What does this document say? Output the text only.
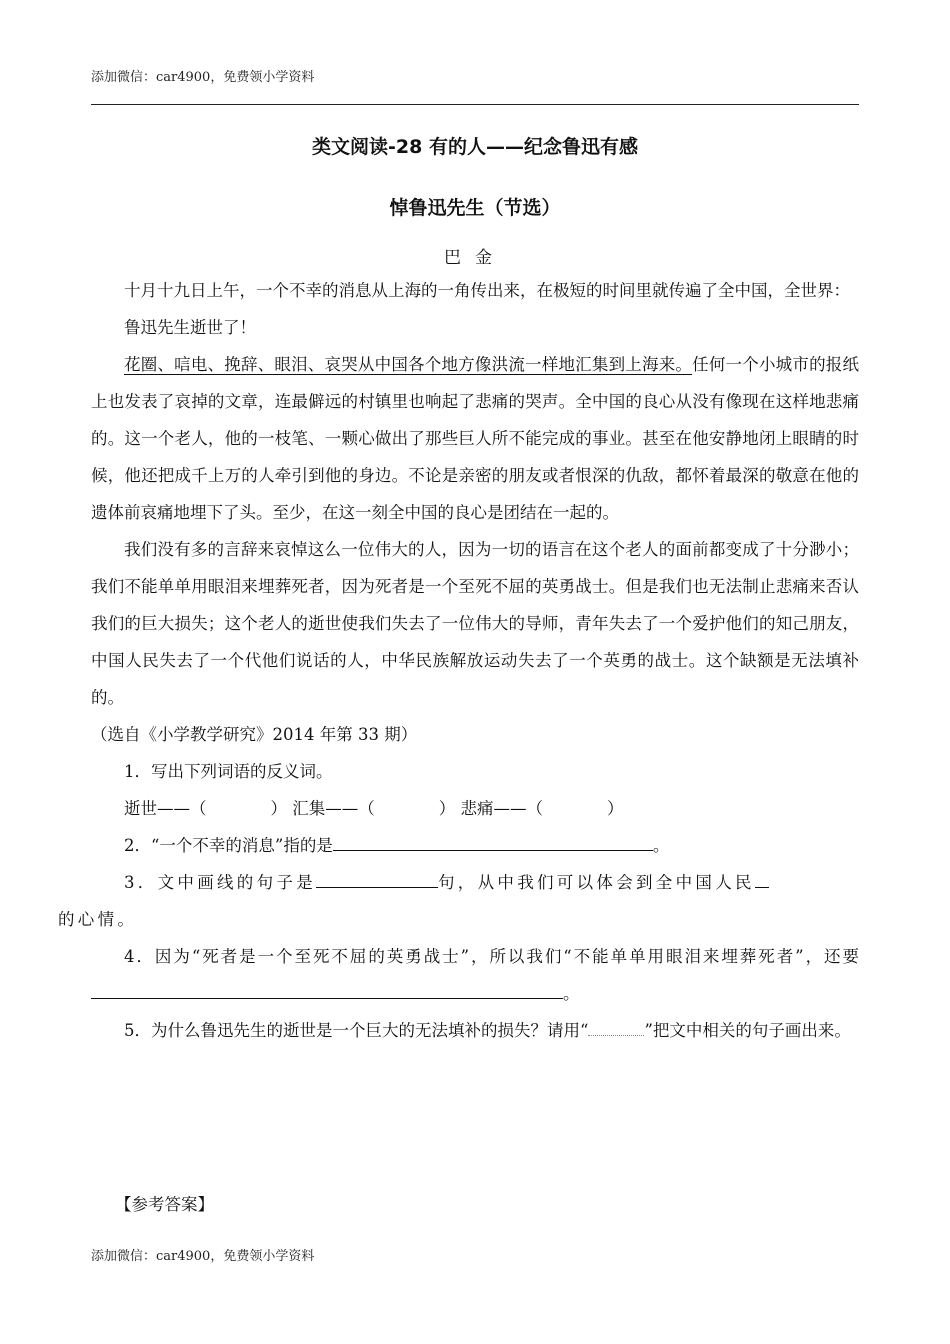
添加微信：car4900，免费领小学资料
类文阅读-28 有的人——纪念鲁迅有感
悼鲁迅先生（节选）
巴金

十月十九日上午，一个不幸的消息从上海的一角传出来，在极短的时间里就传遍了全中国，全世界：

鲁迅先生逝世了！

花圈、唁电、挽辞、眼泪、哀哭从中国各个地方像洪流一样地汇集到上海来。任何一个小城市的报纸上也发表了哀掉的文章，连最僻远的村镇里也响起了悲痛的哭声。全中国的良心从没有像现在这样地悲痛的。这一个老人，他的一枝笔、一颗心做出了那些巨人所不能完成的事业。甚至在他安静地闭上眼睛的时候，他还把成千上万的人牵引到他的身边。不论是亲密的朋友或者恨深的仇敌，都怀着最深的敬意在他的遗体前哀痛地埋下了头。至少，在这一刻全中国的良心是团结在一起的。

我们没有多的言辞来哀悼这么一位伟大的人，因为一切的语言在这个老人的面前都变成了十分渺小；我们不能单单用眼泪来埋葬死者，因为死者是一个至死不屈的英勇战士。但是我们也无法制止悲痛来否认我们的巨大损失；这个老人的逝世使我们失去了一位伟大的导师，青年失去了一个爱护他们的知己朋友，中国人民失去了一个代他们说话的人，中华民族解放运动失去了一个英勇的战士。这个缺额是无法填补的。

（选自《小学教学研究》2014 年第 33 期）

1．写出下列词语的反义词。

逝世——（	） 汇集——（	） 悲痛——（	）

2．“一个不幸的消息”指的是	。

3．文中画线的句子是	句，从中我们可以体会到全中国人民
的心情。

4．因为“死者是一个至死不屈的英勇战士”，所以我们“不能单单用眼泪来埋葬死者”，还要。

5．为什么鲁迅先生的逝世是一个巨大的无法填补的损失？请用“	”把文中相关的句子画出来。

【参考答案】
添加微信：car4900，免费领小学资料
